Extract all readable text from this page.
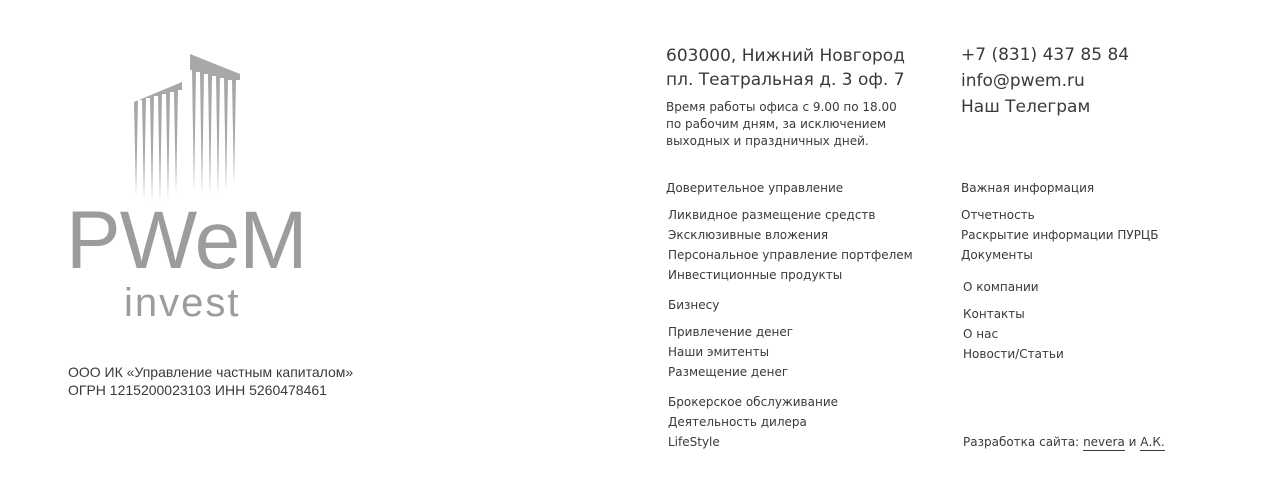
PWeM
invest
ООО ИК «Управление частным капиталом»
ОГРН 1215200023103 ИНН 5260478461
603000, Нижний Новгород
пл. Театральная д. 3 оф. 7
Время работы офиса с 9.00 по 18.00
по рабочим дням, за исключением
выходных и праздничных дней.
+7 (831) 437 85 84
info@pwem.ru
Наш Телеграм
Доверительное управление
Ликвидное размещение средств
Эксклюзивные вложения
Персональное управление портфелем
Инвестиционные продукты
Бизнесу
Привлечение денег
Наши эмитенты
Размещение денег
Брокерское обслуживание
Деятельность дилера
LifeStyle
Важная информация
Отчетность
Раскрытие информации ПУРЦБ
Документы
О компании
Контакты
О нас
Новости/Статьи
Разработка сайта: nevera и А.К.
